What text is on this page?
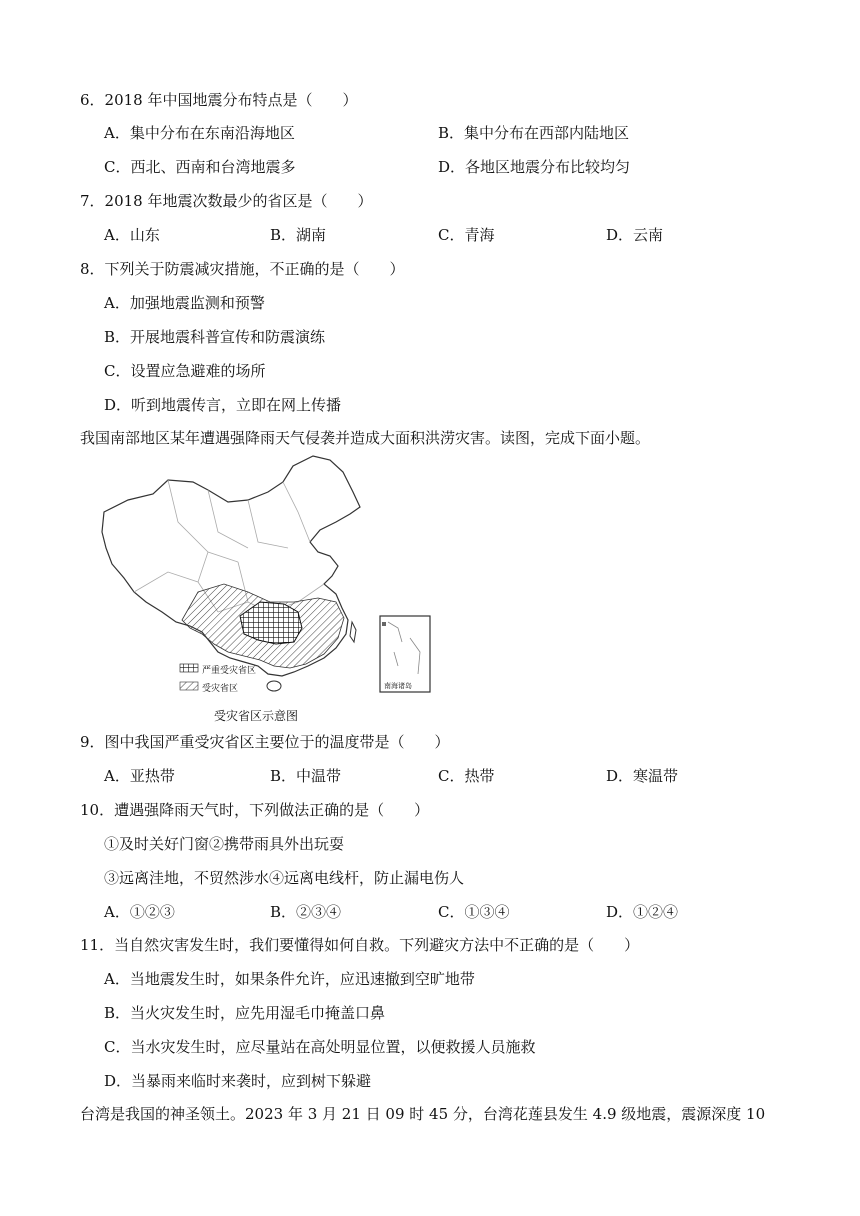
6．2018 年中国地震分布特点是（　　）
A．集中分布在东南沿海地区	B．集中分布在西部内陆地区
C．西北、西南和台湾地震多	D．各地区地震分布比较均匀
7．2018 年地震次数最少的省区是（　　）
A．山东	B．湖南	C．青海	D．云南
8．下列关于防震减灾措施，不正确的是（　　）
A．加强地震监测和预警
B．开展地震科普宣传和防震演练
C．设置应急避难的场所
D．听到地震传言，立即在网上传播
我国南部地区某年遭遇强降雨天气侵袭并造成大面积洪涝灾害。读图，完成下面小题。
严重受灾省区
受灾省区	南海诸岛
受灾省区示意图
9．图中我国严重受灾省区主要位于的温度带是（　　）
A．亚热带	B．中温带	C．热带	D．寒温带
10．遭遇强降雨天气时，下列做法正确的是（　　）
①及时关好门窗②携带雨具外出玩耍
③远离洼地，不贸然涉水④远离电线杆，防止漏电伤人
A．①②③	B．②③④	C．①③④	D．①②④
11．当自然灾害发生时，我们要懂得如何自救。下列避灾方法中不正确的是（　　）
A．当地震发生时，如果条件允许，应迅速撤到空旷地带
B．当火灾发生时，应先用湿毛巾掩盖口鼻
C．当水灾发生时，应尽量站在高处明显位置，以便救援人员施救
D．当暴雨来临时来袭时，应到树下躲避
台湾是我国的神圣领土。2023 年 3 月 21 日 09 时 45 分，台湾花莲县发生 4.9 级地震，震源深度 10
